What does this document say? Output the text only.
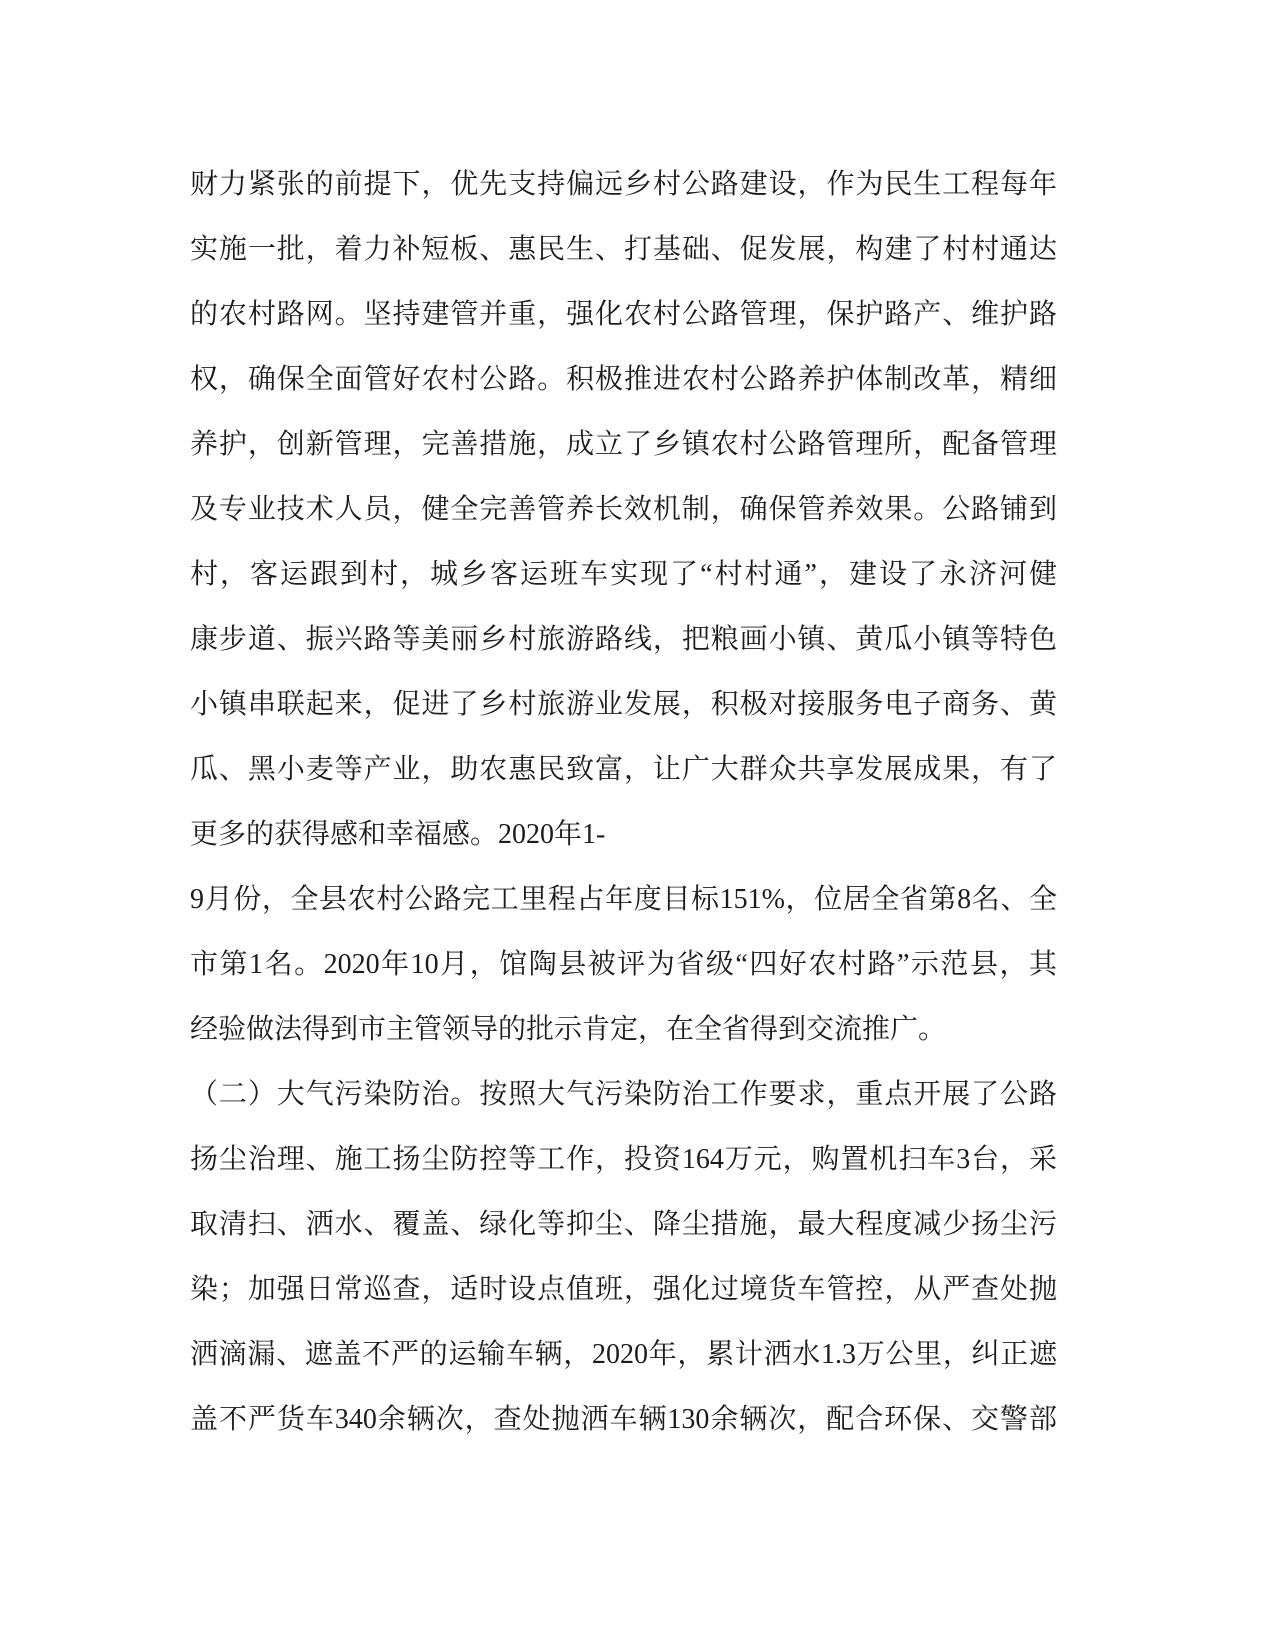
财力紧张的前提下，优先支持偏远乡村公路建设，作为民生工程每年
实施一批，着力补短板、惠民生、打基础、促发展，构建了村村通达
的农村路网。坚持建管并重，强化农村公路管理，保护路产、维护路
权，确保全面管好农村公路。积极推进农村公路养护体制改革，精细
养护，创新管理，完善措施，成立了乡镇农村公路管理所，配备管理
及专业技术人员，健全完善管养长效机制，确保管养效果。公路铺到
村，客运跟到村，城乡客运班车实现了“村村通”，建设了永济河健
康步道、振兴路等美丽乡村旅游路线，把粮画小镇、黄瓜小镇等特色
小镇串联起来，促进了乡村旅游业发展，积极对接服务电子商务、黄
瓜、黑小麦等产业，助农惠民致富，让广大群众共享发展成果，有了
更多的获得感和幸福感。2020年1-
9月份，全县农村公路完工里程占年度目标151%，位居全省第8名、全
市第1名。2020年10月，馆陶县被评为省级“四好农村路”示范县，其
经验做法得到市主管领导的批示肯定，在全省得到交流推广。
（二）大气污染防治。按照大气污染防治工作要求，重点开展了公路
扬尘治理、施工扬尘防控等工作，投资164万元，购置机扫车3台，采
取清扫、洒水、覆盖、绿化等抑尘、降尘措施，最大程度减少扬尘污
染；加强日常巡查，适时设点值班，强化过境货车管控，从严查处抛
洒滴漏、遮盖不严的运输车辆，2020年，累计洒水1.3万公里，纠正遮
盖不严货车340余辆次，查处抛洒车辆130余辆次，配合环保、交警部
